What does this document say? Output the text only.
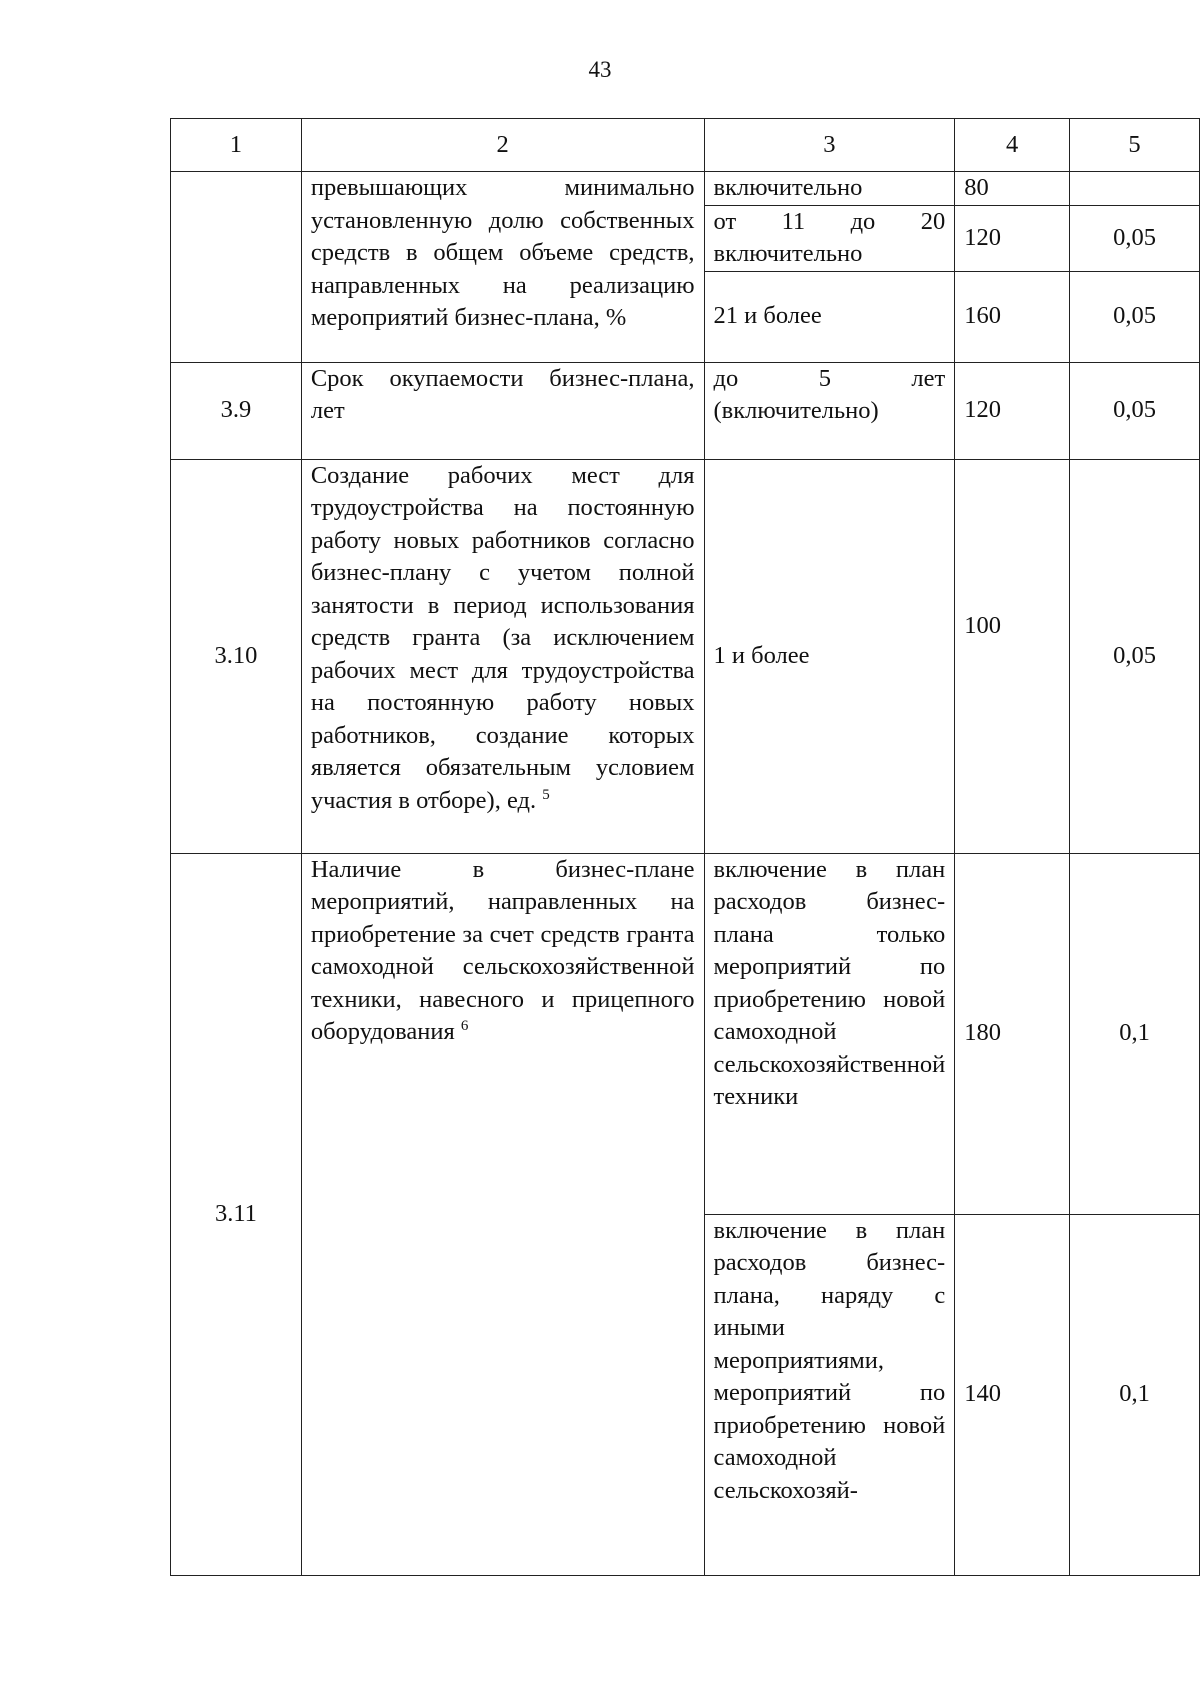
43
1	2	3	4	5

	превышающих минимально установленную долю собственных средств в общем объеме средств, направленных на реализацию мероприятий бизнес-плана, %	включительно	80	

		от 11 до 20 включительно	120	0,05
		21 и более	160	0,05
3.9	Срок окупаемости бизнес-плана, лет	до 5 лет (включительно)	120	0,05
3.10	Создание рабочих мест для трудоустройства на постоянную работу новых работников согласно бизнес-плану с учетом полной занятости в период использования средств гранта (за исключением рабочих мест для трудоустройства на постоянную работу новых работников, создание которых является обязательным условием участия в отборе), ед. $^5$	1 и более	100	0,05
3.11	Наличие в бизнес-плане мероприятий, направленных на приобретение за счет средств гранта самоходной сельскохозяйственной техники, навесного и прицепного оборудования $^6$	включение в план расходов бизнес-плана только мероприятий по приобретению новой самоходной сельскохозяйственной техники	180	0,1

		включение в план расходов бизнес-плана, наряду с иными мероприятиями, мероприятий по приобретению новой самоходной сельскохозяй-	140	0,1
